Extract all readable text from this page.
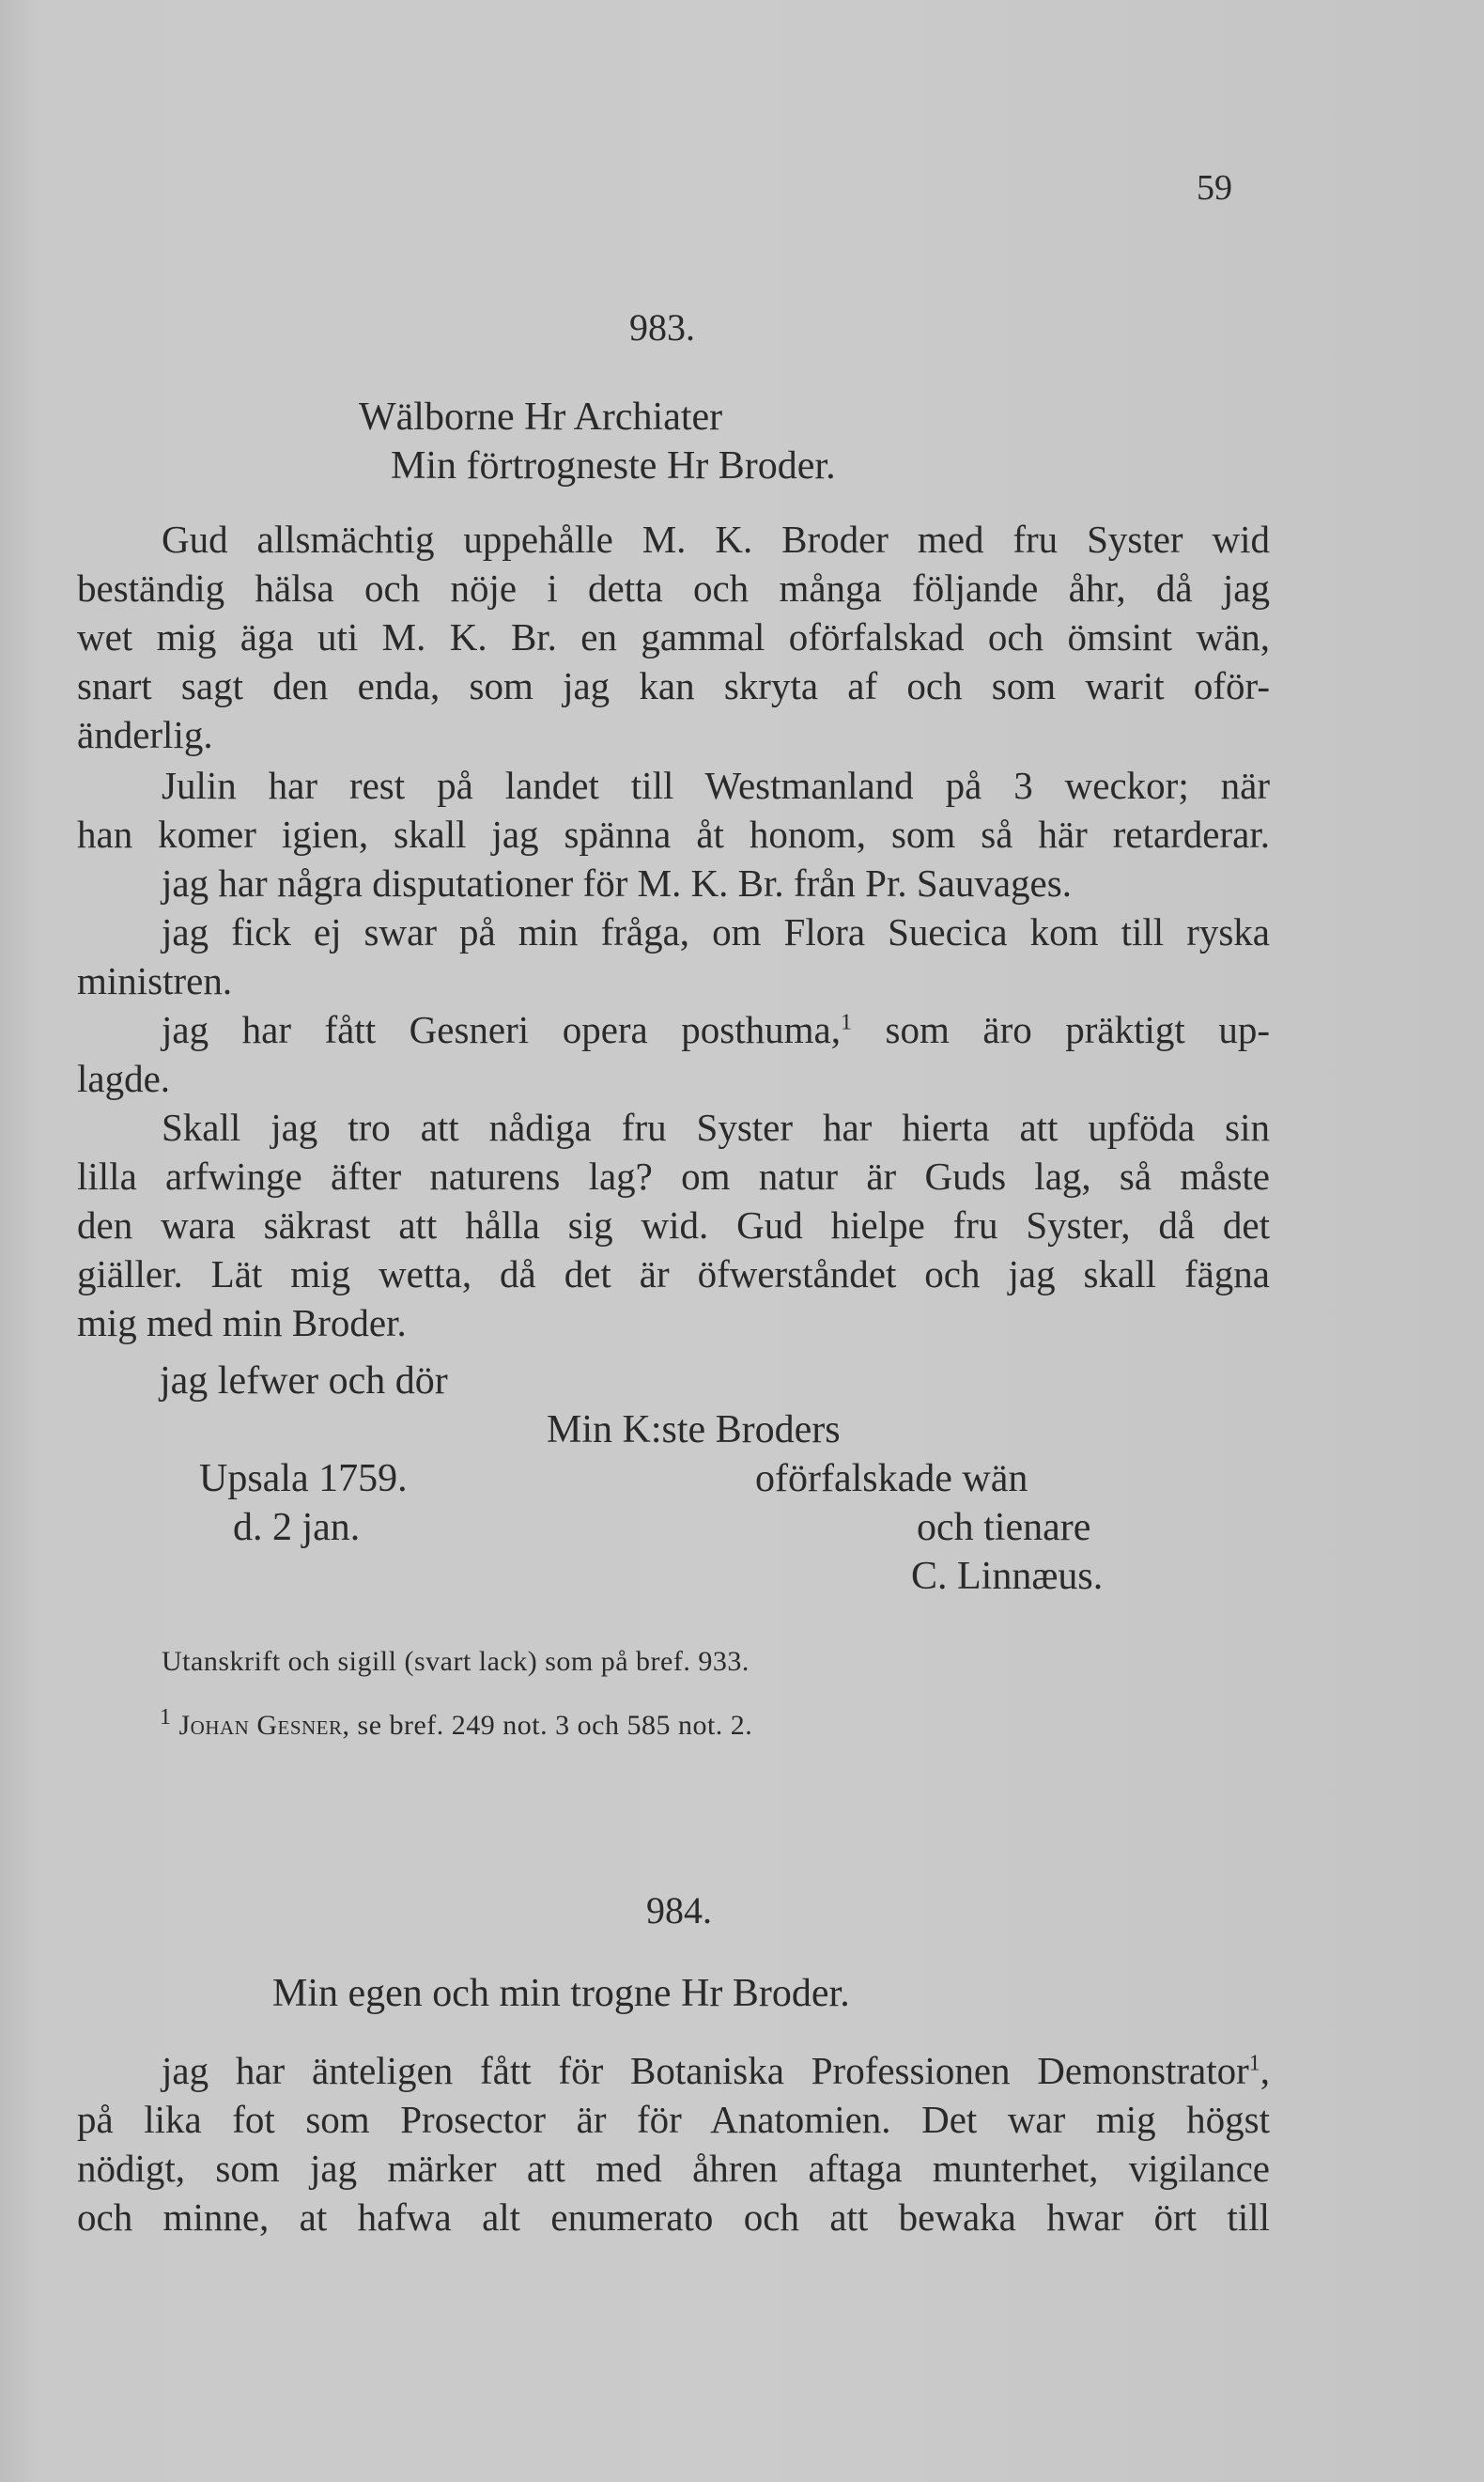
59
983.
Wälborne Hr Archiater
Min förtrogneste Hr Broder.
Gud allsmächtig uppehålle M. K. Broder med fru Syster wid
beständig hälsa och nöje i detta och många följande åhr, då jag
wet mig äga uti M. K. Br. en gammal oförfalskad och ömsint wän,
snart sagt den enda, som jag kan skryta af och som warit oför-
änderlig.
Julin har rest på landet till Westmanland på 3 weckor; när
han komer igien, skall jag spänna åt honom, som så här retarderar.
jag har några disputationer för M. K. Br. från Pr. Sauvages.
jag fick ej swar på min fråga, om Flora Suecica kom till ryska
ministren.
jag har fått Gesneri opera posthuma,$^1$ som äro präktigt up-
lagde.
Skall jag tro att nådiga fru Syster har hierta att upföda sin
lilla arfwinge äfter naturens lag? om natur är Guds lag, så måste
den wara säkrast att hålla sig wid. Gud hielpe fru Syster, då det
giäller. Lät mig wetta, då det är öfwerståndet och jag skall fägna
mig med min Broder.
jag lefwer och dör
Min K:ste Broders
Upsala 1759.	oförfalskade wän
d. 2 jan.	och tienare
C. Linnæus.
Utanskrift och sigill (svart lack) som på bref. 933.
$^1$ Johan Gesner, se bref. 249 not. 3 och 585 not. 2.
984.
Min egen och min trogne Hr Broder.
jag har änteligen fått för Botaniska Professionen Demonstrator$^1$,
på lika fot som Prosector är för Anatomien. Det war mig högst
nödigt, som jag märker att med åhren aftaga munterhet, vigilance
och minne, at hafwa alt enumerato och att bewaka hwar ört till
